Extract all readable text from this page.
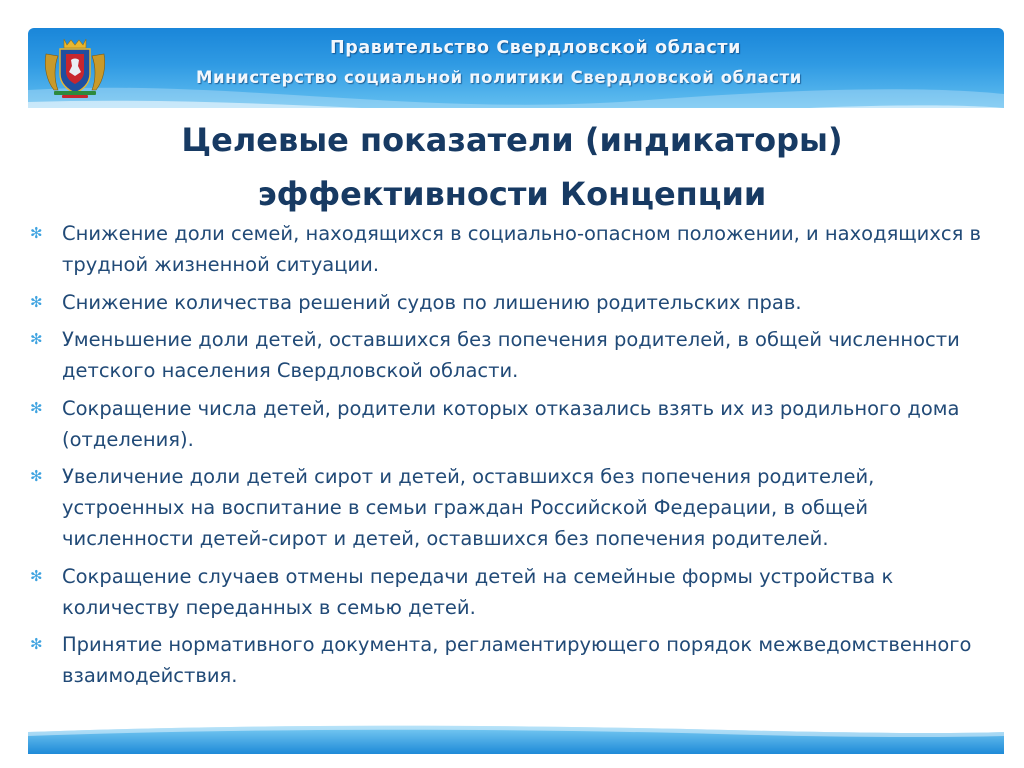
Правительство Свердловской области
Министерство социальной политики Свердловской области
Целевые показатели (индикаторы)
эффективности Концепции
✻ Снижение доли семей, находящихся в социально-опасном положении, и находящихся в трудной жизненной ситуации.
✻ Снижение количества решений судов по лишению родительских прав.
✻ Уменьшение доли детей, оставшихся без попечения родителей, в общей численности детского населения Свердловской области.
✻ Сокращение числа детей, родители которых отказались взять их из родильного дома (отделения).
✻ Увеличение доли детей сирот и детей, оставшихся без попечения родителей, устроенных на воспитание в семьи граждан Российской Федерации, в общей численности детей-сирот и детей, оставшихся без попечения родителей.
✻ Сокращение случаев отмены передачи детей на семейные формы устройства к количеству переданных в семью детей.
✻ Принятие нормативного документа, регламентирующего порядок межведомственного взаимодействия.
